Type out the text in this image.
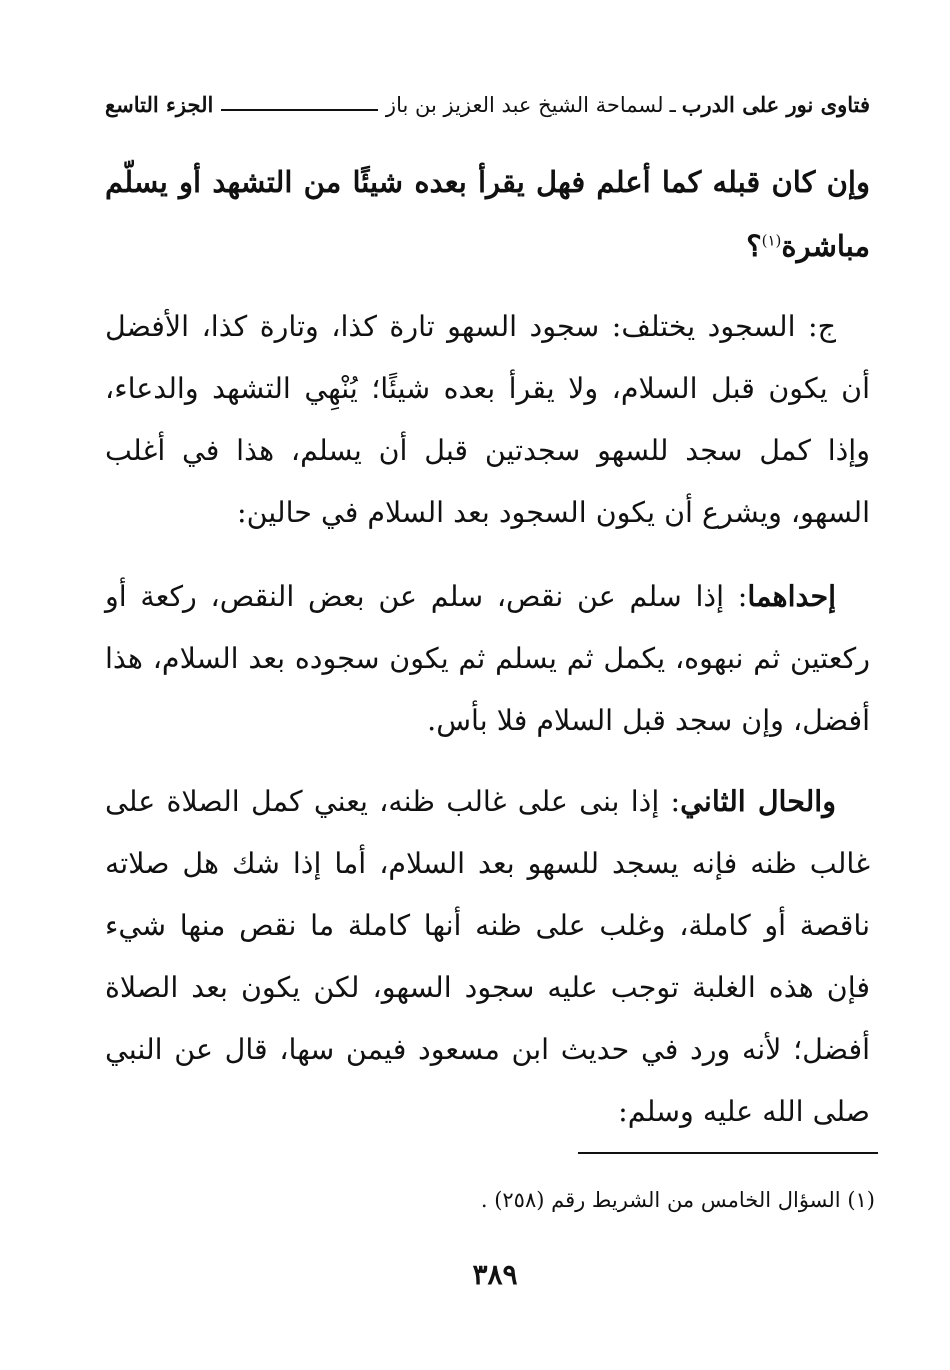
فتاوى نور على الدرب
ـ
لسماحة الشيخ عبد العزيز بن باز
الجزء التاسع
وإن كان قبله كما أعلم فهل يقرأ بعده شيئًا من التشهد أو يسلّم مباشرة$^{(١)}$؟
ج: السجود يختلف: سجود السهو تارة كذا، وتارة كذا، الأفضل أن يكون قبل السلام، ولا يقرأ بعده شيئًا؛ يُنْهِي التشهد والدعاء، وإذا كمل سجد للسهو سجدتين قبل أن يسلم، هذا في أغلب السهو، ويشرع أن يكون السجود بعد السلام في حالين:
إحداهما: إذا سلم عن نقص، سلم عن بعض النقص، ركعة أو ركعتين ثم نبهوه، يكمل ثم يسلم ثم يكون سجوده بعد السلام، هذا أفضل، وإن سجد قبل السلام فلا بأس.
والحال الثاني: إذا بنى على غالب ظنه، يعني كمل الصلاة على غالب ظنه فإنه يسجد للسهو بعد السلام، أما إذا شك هل صلاته ناقصة أو كاملة، وغلب على ظنه أنها كاملة ما نقص منها شيء فإن هذه الغلبة توجب عليه سجود السهو، لكن يكون بعد الصلاة أفضل؛ لأنه ورد في حديث ابن مسعود فيمن سها، قال عن النبي صلى الله عليه وسلم:
(١) السؤال الخامس من الشريط رقم (٢٥٨) .
٣٨٩
